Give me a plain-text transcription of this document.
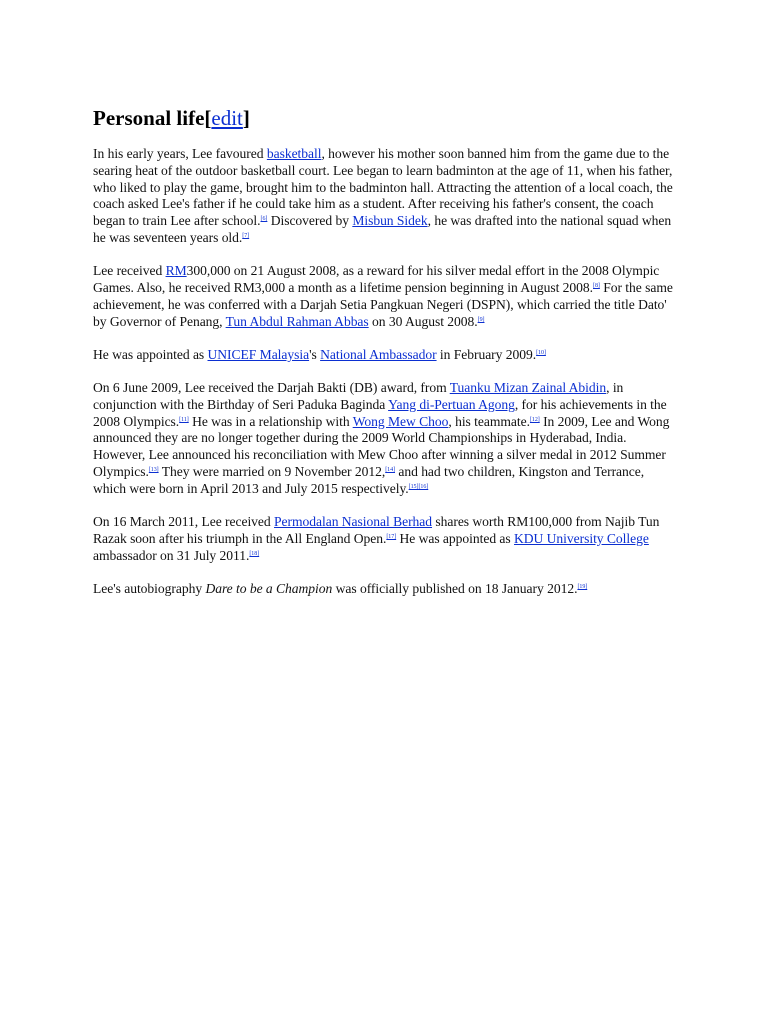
Personal life[edit]

In his early years, Lee favoured basketball, however his mother soon banned him from the game due to the searing heat of the outdoor basketball court. Lee began to learn badminton at the age of 11, when his father, who liked to play the game, brought him to the badminton hall. Attracting the attention of a local coach, the coach asked Lee's father if he could take him as a student. After receiving his father's consent, the coach began to train Lee after school.[6] Discovered by Misbun Sidek, he was drafted into the national squad when he was seventeen years old.[7]

Lee received RM300,000 on 21 August 2008, as a reward for his silver medal effort in the 2008 Olympic Games. Also, he received RM3,000 a month as a lifetime pension beginning in August 2008.[8] For the same achievement, he was conferred with a Darjah Setia Pangkuan Negeri (DSPN), which carried the title Dato' by Governor of Penang, Tun Abdul Rahman Abbas on 30 August 2008.[9]

He was appointed as UNICEF Malaysia's National Ambassador in February 2009.[10]

On 6 June 2009, Lee received the Darjah Bakti (DB) award, from Tuanku Mizan Zainal Abidin, in conjunction with the Birthday of Seri Paduka Baginda Yang di-Pertuan Agong, for his achievements in the 2008 Olympics.[11] He was in a relationship with Wong Mew Choo, his teammate.[12] In 2009, Lee and Wong announced they are no longer together during the 2009 World Championships in Hyderabad, India. However, Lee announced his reconciliation with Mew Choo after winning a silver medal in 2012 Summer Olympics.[13] They were married on 9 November 2012,[14] and had two children, Kingston and Terrance, which were born in April 2013 and July 2015 respectively.[15][16]

On 16 March 2011, Lee received Permodalan Nasional Berhad shares worth RM100,000 from Najib Tun Razak soon after his triumph in the All England Open.[17] He was appointed as KDU University College ambassador on 31 July 2011.[18]

Lee's autobiography Dare to be a Champion was officially published on 18 January 2012.[19]
